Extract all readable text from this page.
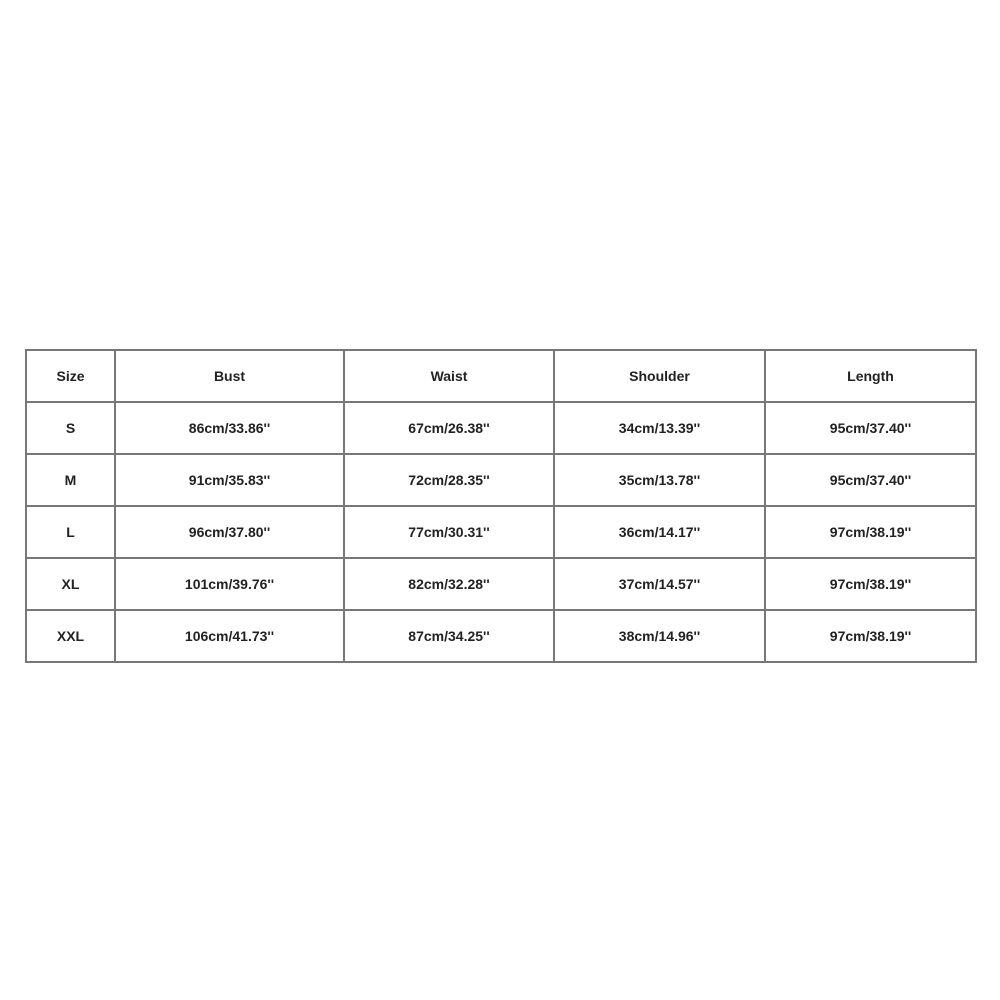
Size	Bust	Waist	Shoulder	Length
S	86cm/33.86''	67cm/26.38''	34cm/13.39''	95cm/37.40''
M	91cm/35.83''	72cm/28.35''	35cm/13.78''	95cm/37.40''
L	96cm/37.80''	77cm/30.31''	36cm/14.17''	97cm/38.19''
XL	101cm/39.76''	82cm/32.28''	37cm/14.57''	97cm/38.19''
XXL	106cm/41.73''	87cm/34.25''	38cm/14.96''	97cm/38.19''
